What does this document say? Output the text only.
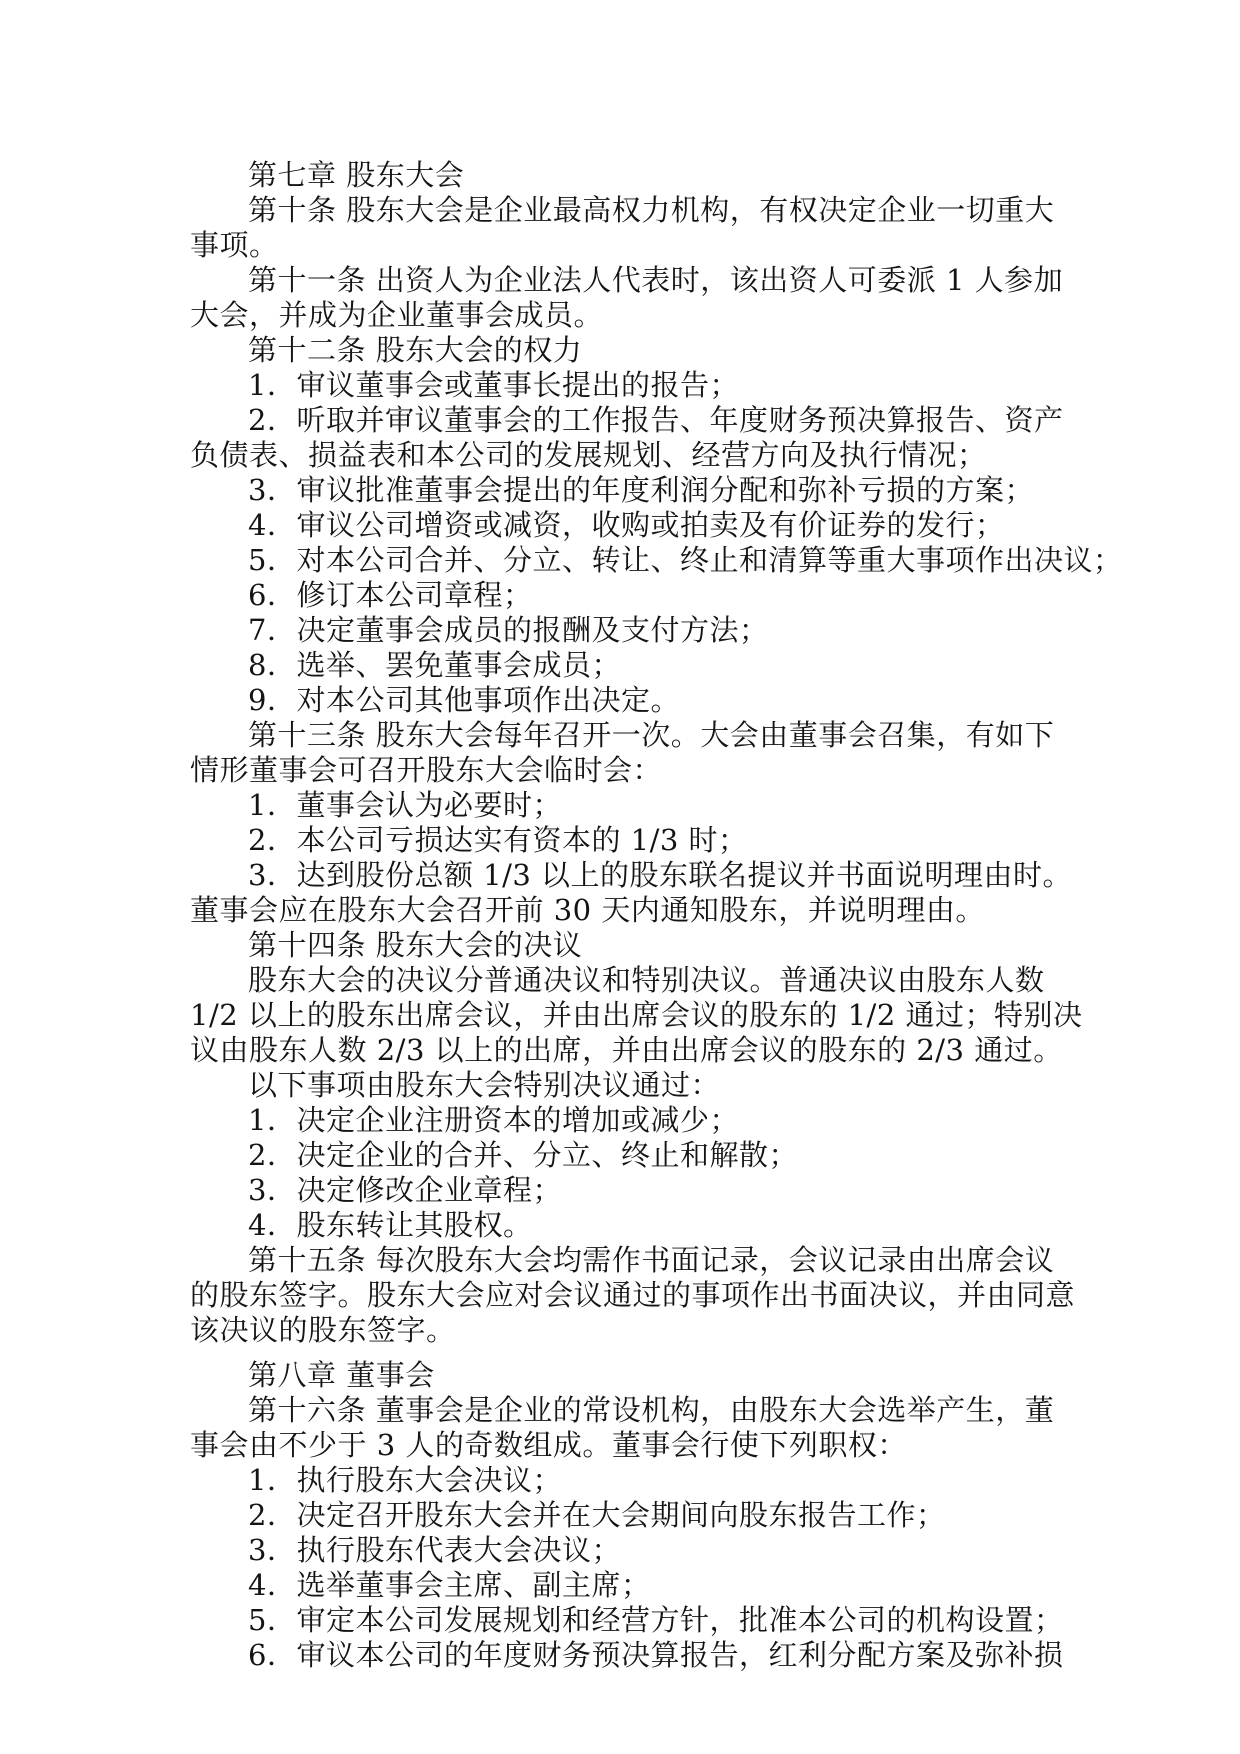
第七章 股东大会
第十条 股东大会是企业最高权力机构，有权决定企业一切重大
事项。
第十一条 出资人为企业法人代表时，该出资人可委派 1 人参加
大会，并成为企业董事会成员。
第十二条 股东大会的权力
1．审议董事会或董事长提出的报告；
2．听取并审议董事会的工作报告、年度财务预决算报告、资产
负债表、损益表和本公司的发展规划、经营方向及执行情况；
3．审议批准董事会提出的年度利润分配和弥补亏损的方案；
4．审议公司增资或减资，收购或拍卖及有价证券的发行；
5．对本公司合并、分立、转让、终止和清算等重大事项作出决议；
6．修订本公司章程；
7．决定董事会成员的报酬及支付方法；
8．选举、罢免董事会成员；
9．对本公司其他事项作出决定。
第十三条 股东大会每年召开一次。大会由董事会召集，有如下
情形董事会可召开股东大会临时会：
1．董事会认为必要时；
2．本公司亏损达实有资本的 1/3 时；
3．达到股份总额 1/3 以上的股东联名提议并书面说明理由时。
董事会应在股东大会召开前 30 天内通知股东，并说明理由。
第十四条 股东大会的决议
股东大会的决议分普通决议和特别决议。普通决议由股东人数
1/2 以上的股东出席会议，并由出席会议的股东的 1/2 通过；特别决
议由股东人数 2/3 以上的出席，并由出席会议的股东的 2/3 通过。
以下事项由股东大会特别决议通过：
1．决定企业注册资本的增加或减少；
2．决定企业的合并、分立、终止和解散；
3．决定修改企业章程；
4．股东转让其股权。
第十五条 每次股东大会均需作书面记录，会议记录由出席会议
的股东签字。股东大会应对会议通过的事项作出书面决议，并由同意
该决议的股东签字。
第八章 董事会
第十六条 董事会是企业的常设机构，由股东大会选举产生，董
事会由不少于 3 人的奇数组成。董事会行使下列职权：
1．执行股东大会决议；
2．决定召开股东大会并在大会期间向股东报告工作；
3．执行股东代表大会决议；
4．选举董事会主席、副主席；
5．审定本公司发展规划和经营方针，批准本公司的机构设置；
6．审议本公司的年度财务预决算报告，红利分配方案及弥补损
